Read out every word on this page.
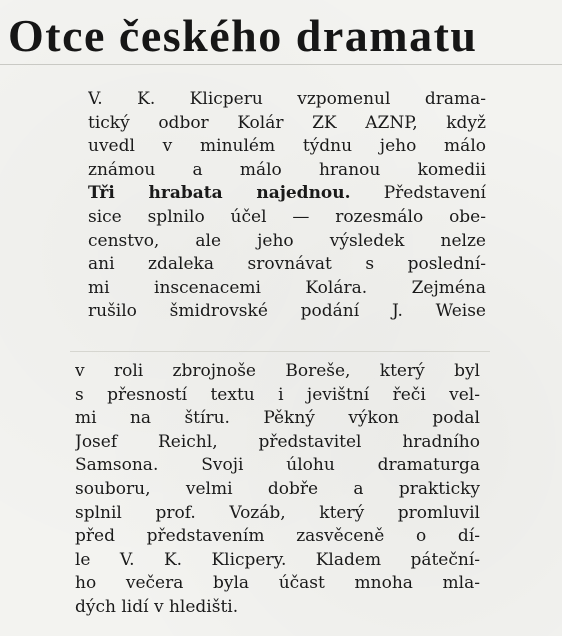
Otce českého dramatu
V. K. Klicperu vzpomenul drama-
tický odbor Kolár ZK AZNP, když
uvedl v minulém týdnu jeho málo
známou a málo hranou komedii
Tři hrabata najednou. Představení
sice splnilo účel — rozesmálo obe-
censtvo, ale jeho výsledek nelze
ani zdaleka srovnávat s poslední-
mi inscenacemi Kolára. Zejména
rušilo šmidrovské podání J. Weise
v roli zbrojnoše Boreše, který byl
s přesností textu i jevištní řeči vel-
mi na štíru. Pěkný výkon podal
Josef Reichl, představitel hradního
Samsona. Svoji úlohu dramaturga
souboru, velmi dobře a prakticky
splnil prof. Vozáb, který promluvil
před představením zasvěceně o dí-
le V. K. Klicpery. Kladem páteční-
ho večera byla účast mnoha mla-
dých lidí v hledišti.
